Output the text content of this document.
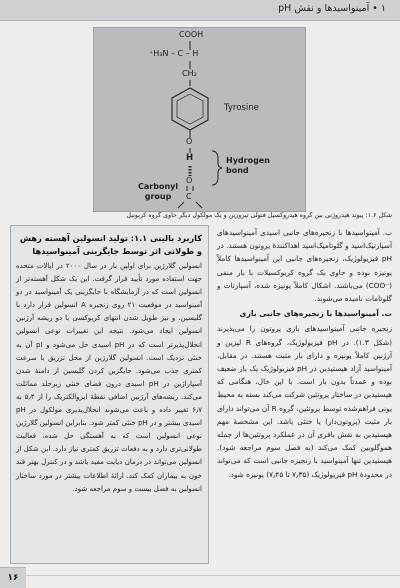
۱ • آمینواسیدها و نقش pH
COOH
⁺H₃N – C – H
CH₂
Tyrosine
O
H	Hydrogen
bond
O
C
Carbonyl
group
شکل ۱.۶: پیوند هیدروژنی بین گروه هیدروکسیل فنولی تیروزین و یک مولکول دیگر حاوی گروه کربونیل
کاربرد بالینی ۱.۱: تولید انسولین آهسته رهش و طولانی اثر توسط جایگزینی آمینواسیدها
انسولین گلارژین برای اولین بار در سال ۲۰۰۰ در ایالات متحده جهت استفاده مورد تأیید قرار گرفت. این یک شکل آهسته‌تر از انسولین است که در آزمایشگاه با جایگزینی یک آمینواسید در دو آمینواسید در موقعیت ۲۱ روی زنجیره A انسولین قرار دارد با گلیسین، و نیز طویل شدن انتهای کربوکسی با دو ریشه آرژنین انسولین ایجاد می‌شود. نتیجه این تغییرات نوعی انسولین انحلال‌پذیرتر است که در pH اسیدی حل می‌شود و pI آن به خنثی نزدیک است. انسولین گلارژین از محل تزریق با سرعت کمتری جذب می‌شود. جایگزین کردن گلیسین از دامنهٔ شدن آسپاراژین در pH اسیدی درون فضای خنثی زیرجلد مماثلت می‌کند. ریشه‌های آرژنین اضافی نقطهٔ ایزوالکتریک را از ۵٫۴ به ۶٫۷ تغییر داده و باعث می‌شوند انحلال‌پذیری مولکول در pH اسیدی بیشتر و در pH خنثی کمتر شود. بنابراین انسولین گلارژین نوعی انسولین است که به آهستگی حل شده، فعالیت طولانی‌تری دارد و به دفعات تزریق کمتری نیاز دارد. این شکل از انسولین می‌تواند در درمان دیابت مفید باشد و در کنترل بهتر قند خون به بیماران کمک کند. ارائهٔ اطلاعات بیشتر در مورد ساختار انسولین به فصل بیست و سوم مراجعه شود.

ب. آمینواسیدها با زنجیره‌های جانبی اسیدی آمینواسیدهای آسپارتیک‌اسید و گلوتامیک‌اسید اهداکنندهٔ پروتون هستند. در pH فیزیولوژیک، زنجیره‌های جانبی این آمینواسیدها کاملاً یونیزه بوده و حاوی یک گروه کربوکسیلات با بار منفی (⁻COO) می‌باشند. اشکال کاملاً یونیزه شده، آسپارتات و گلوتامات نامیده می‌شوند.

ت. آمینواسیدها با زنجیره‌های جانبی بازی

زنجیره جانبی آمینواسیدهای بازی پروتون را می‌پذیرند (شکل ۱.۳). در pH فیزیولوژیک، گروه‌های R لیزین و آرژنین کاملاً یونیزه و دارای بار مثبت هستند. در مقابل، آمینواسید آزاد هیستیدین در pH فیزیولوژیک یک باز ضعیف بوده و عمدتاً بدون بار است. با این حال، هنگامی که هیستیدین در ساختار پروتئین شرکت می‌کند بسته به محیط یونی فراهم‌شده توسط پروتئین، گروه R آن می‌تواند دارای بار مثبت (پروتون‌دار) یا خنثی باشد. این مشخصهٔ مهم هیستیدین به نقش بافری آن در عملکرد پروتئین‌ها از جمله هموگلوبین کمک می‌کند (به فصل سوم مراجعه شود). هیستیدین تنها آمینواسید با زنجیره جانبی است که می‌تواند در محدودهٔ pH فیزیولوژیک (۷٫۳۵ تا ۷٫۴۵) یونیزه شود.

۱۶
